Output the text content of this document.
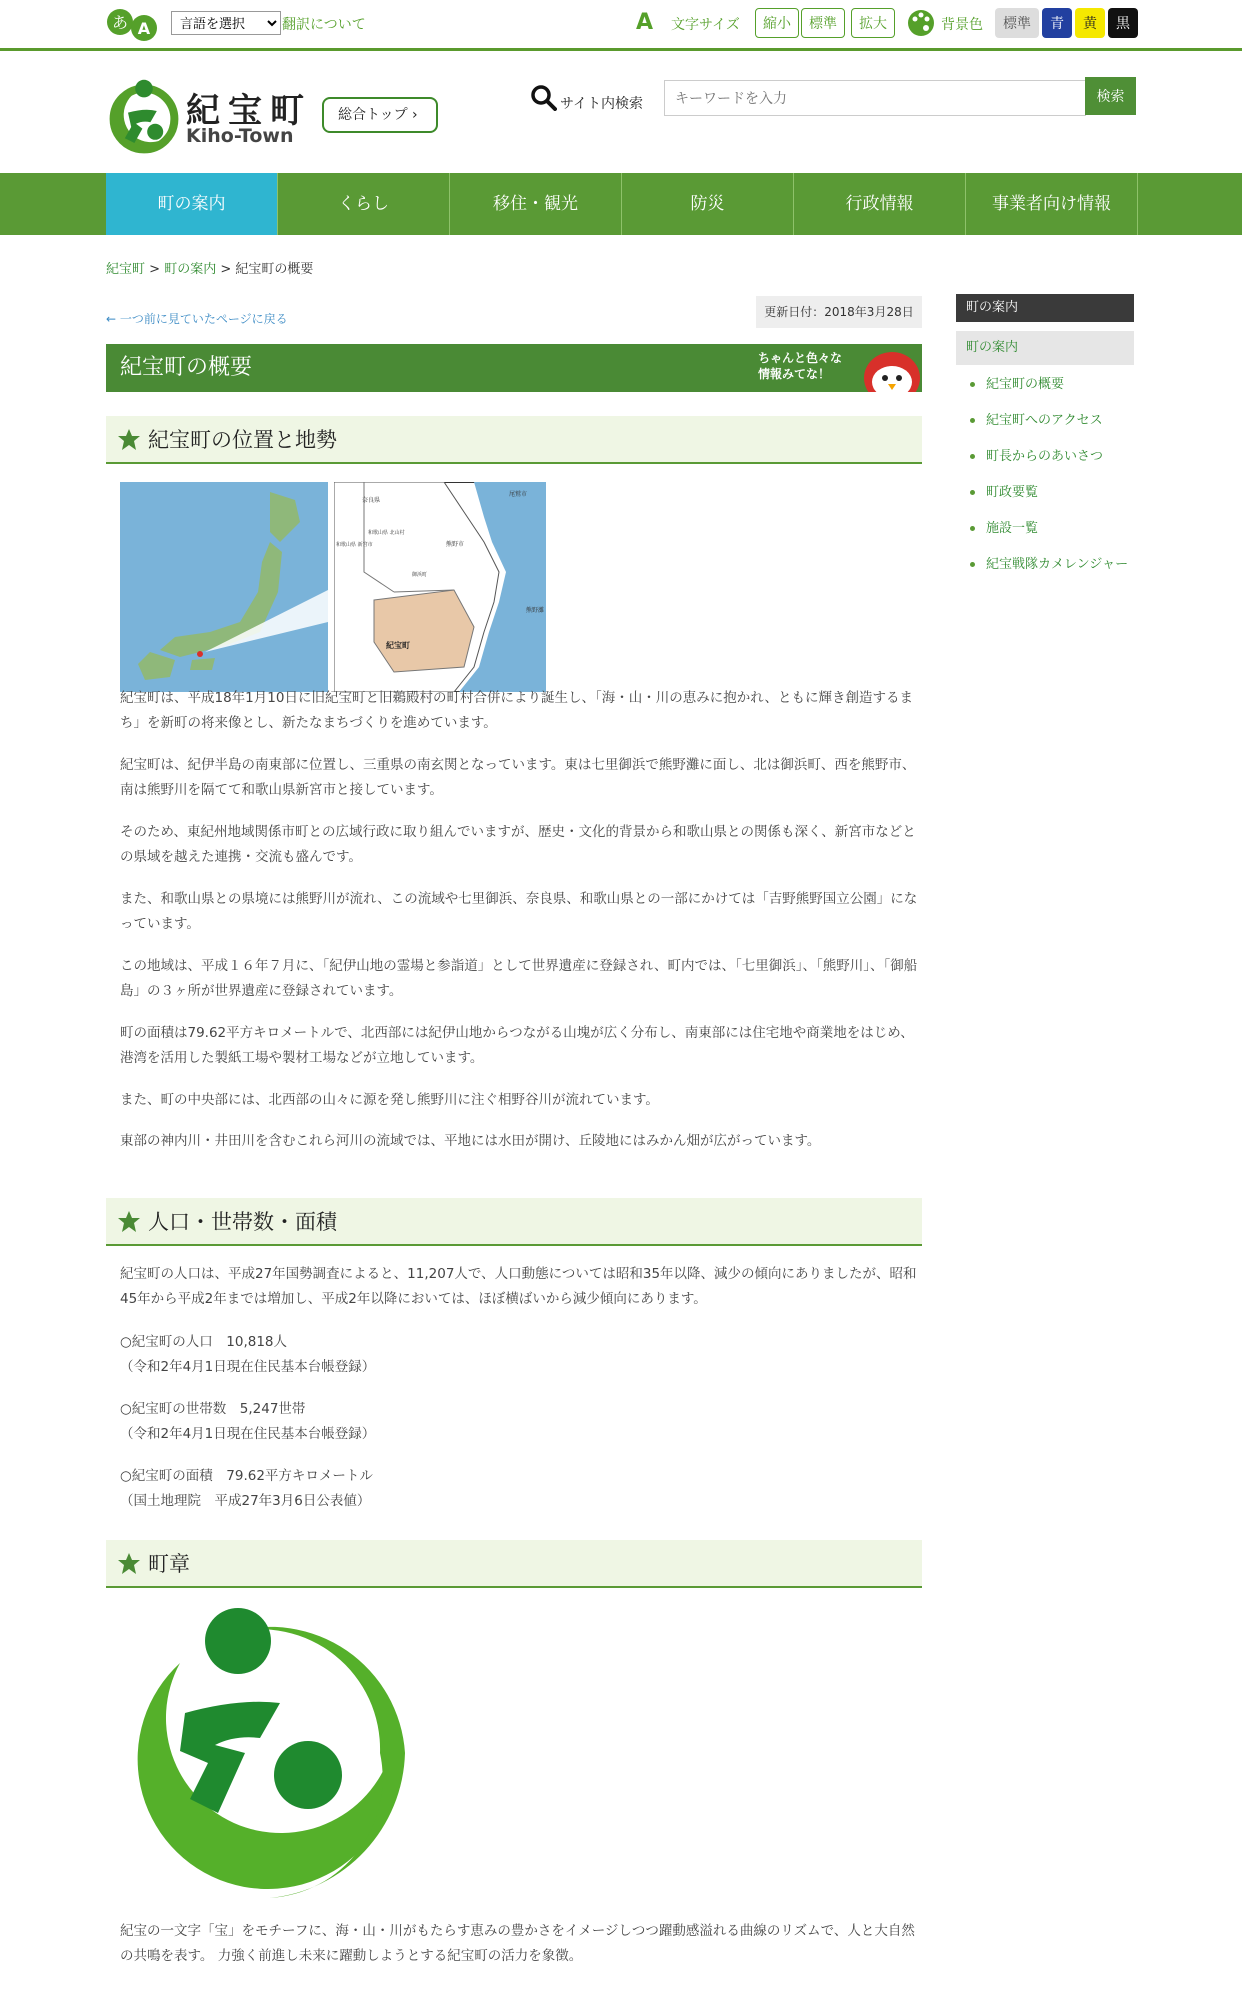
あ A
言語を選択	翻訳について	A 文字サイズ	縮小	標準	拡大	背景色	標準	青	黄	黒
紀宝町
Kiho-Town
総合トップ ›
サイト内検索
キーワードを入力	検索
町の案内	くらし	移住・観光	防災	行政情報	事業者向け情報
紀宝町 > 町の案内 > 紀宝町の概要
← 一つ前に見ていたページに戻る	更新日付：2018年3月28日
紀宝町の概要	ちゃんと色々な 情報みてな！
紀宝町の位置と地勢
奈良県
尾鷲市
和歌山県 北山村
和歌山県 新宮市	熊野市
御浜町
紀宝町
熊野灘

紀宝町は、平成18年1月10日に旧紀宝町と旧鵜殿村の町村合併により誕生し、「海・山・川の恵みに抱かれ、ともに輝き創造するまち」を新町の将来像とし、新たなまちづくりを進めています。

紀宝町は、紀伊半島の南東部に位置し、三重県の南玄関となっています。東は七里御浜で熊野灘に面し、北は御浜町、西を熊野市、南は熊野川を隔てて和歌山県新宮市と接しています。

そのため、東紀州地域関係市町との広域行政に取り組んでいますが、歴史・文化的背景から和歌山県との関係も深く、新宮市などとの県域を越えた連携・交流も盛んです。

また、和歌山県との県境には熊野川が流れ、この流域や七里御浜、奈良県、和歌山県との一部にかけては「吉野熊野国立公園」になっています。

この地域は、平成１６年７月に、「紀伊山地の霊場と参詣道」として世界遺産に登録され、町内では、「七里御浜」、「熊野川」、「御船島」の３ヶ所が世界遺産に登録されています。

町の面積は79.62平方キロメートルで、北西部には紀伊山地からつながる山塊が広く分布し、南東部には住宅地や商業地をはじめ、港湾を活用した製紙工場や製材工場などが立地しています。

また、町の中央部には、北西部の山々に源を発し熊野川に注ぐ相野谷川が流れています。

東部の神内川・井田川を含むこれら河川の流域では、平地には水田が開け、丘陵地にはみかん畑が広がっています。

人口・世帯数・面積

紀宝町の人口は、平成27年国勢調査によると、11,207人で、人口動態については昭和35年以降、減少の傾向にありましたが、昭和45年から平成2年までは増加し、平成2年以降においては、ほぼ横ばいから減少傾向にあります。

○紀宝町の人口　10,818人
（令和2年4月1日現在住民基本台帳登録）
○紀宝町の世帯数　5,247世帯
（令和2年4月1日現在住民基本台帳登録）
○紀宝町の面積　79.62平方キロメートル
（国土地理院　平成27年3月6日公表値）
町章

紀宝の一文字「宝」をモチーフに、海・山・川がもたらす恵みの豊かさをイメージしつつ躍動感溢れる曲線のリズムで、人と大自然の共鳴を表す。 力強く前進し未来に躍動しようとする紀宝町の活力を象徴。

町の案内
町の案内
紀宝町の概要
紀宝町へのアクセス
町長からのあいさつ
町政要覧
施設一覧
紀宝戦隊カメレンジャー
